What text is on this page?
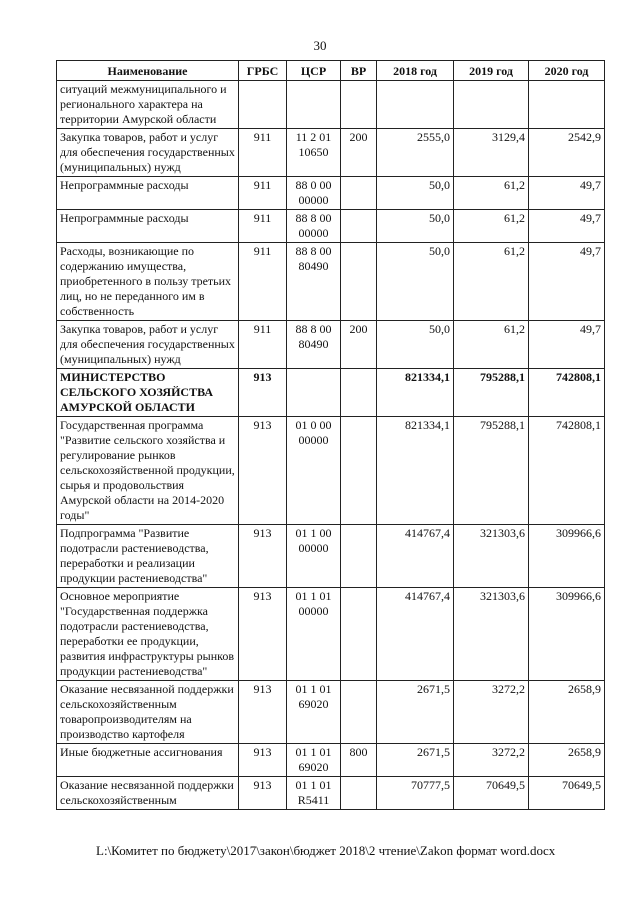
30
Наименование	ГРБС	ЦСР	ВР	2018 год	2019 год	2020 год
ситуаций межмуниципального и регионального характера на территории Амурской области						
Закупка товаров, работ и услуг для обеспечения государственных (муниципальных) нужд	911	11 2 01 10650	200	2555,0	3129,4	2542,9
Непрограммные расходы	911	88 0 00 00000		50,0	61,2	49,7
Непрограммные расходы	911	88 8 00 00000		50,0	61,2	49,7
Расходы, возникающие по содержанию имущества, приобретенного в пользу третьих лиц, но не переданного им в собственность	911	88 8 00 80490		50,0	61,2	49,7
Закупка товаров, работ и услуг для обеспечения государственных (муниципальных) нужд	911	88 8 00 80490	200	50,0	61,2	49,7
МИНИСТЕРСТВО СЕЛЬСКОГО ХОЗЯЙСТВА АМУРСКОЙ ОБЛАСТИ	913			821334,1	795288,1	742808,1
Государственная программа "Развитие сельского хозяйства и регулирование рынков сельскохозяйственной продукции, сырья и продовольствия Амурской области на 2014-2020 годы"	913	01 0 00 00000		821334,1	795288,1	742808,1
Подпрограмма "Развитие подотрасли растениеводства, переработки и реализации продукции растениеводства"	913	01 1 00 00000		414767,4	321303,6	309966,6
Основное мероприятие "Государственная поддержка подотрасли растениеводства, переработки ее продукции, развития инфраструктуры рынков продукции растениеводства"	913	01 1 01 00000		414767,4	321303,6	309966,6
Оказание несвязанной поддержки сельскохозяйственным товаропроизводителям на производство картофеля	913	01 1 01 69020		2671,5	3272,2	2658,9
Иные бюджетные ассигнования	913	01 1 01 69020	800	2671,5	3272,2	2658,9
Оказание несвязанной поддержки сельскохозяйственным	913	01 1 01 R5411		70777,5	70649,5	70649,5
L:\Комитет по бюджету\2017\закон\бюджет 2018\2 чтение\Zakon формат word.docx
